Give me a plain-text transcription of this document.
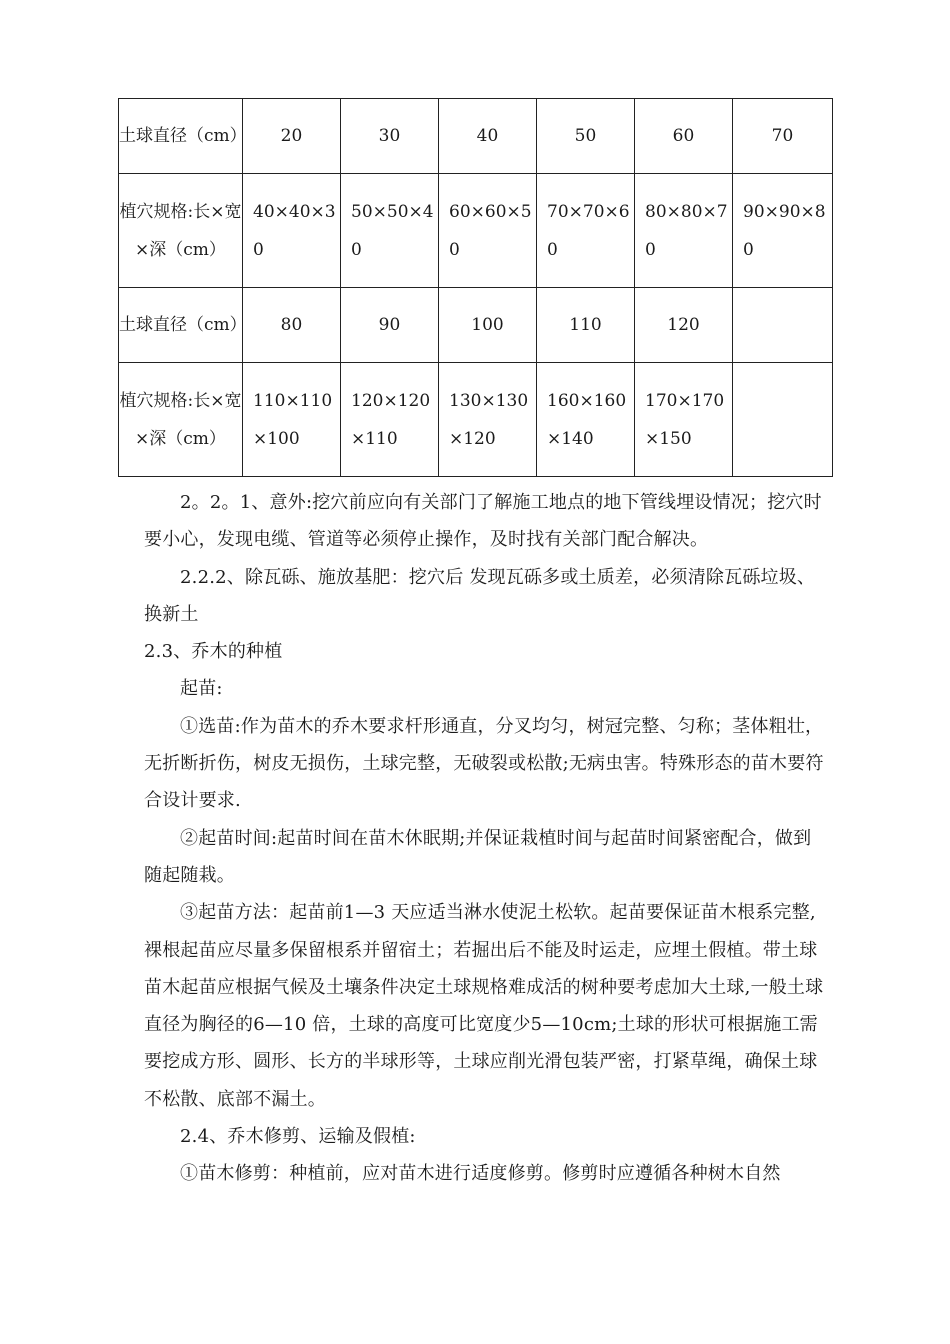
土球直径（cm）	20	30	40	50	60	70
植穴规格:长×宽×深（cm）	40×40×30	50×50×40	60×60×50	70×70×60	80×80×70	90×90×80
土球直径（cm）	80	90	100	110	120	
植穴规格:长×宽×深（cm）	110×110×100	120×120×110	130×130×120	160×160×140	170×170×150	

2。2。1、意外:挖穴前应向有关部门了解施工地点的地下管线埋设情况；挖穴时要小心，发现电缆、管道等必须停止操作，及时找有关部门配合解决。

2.2.2、除瓦砾、施放基肥：挖穴后 发现瓦砾多或土质差，必须清除瓦砾垃圾、换新土

2.3、乔木的种植

起苗:

①选苗:作为苗木的乔木要求杆形通直，分叉均匀，树冠完整、匀称；茎体粗壮，无折断折伤，树皮无损伤，土球完整，无破裂或松散;无病虫害。特殊形态的苗木要符合设计要求.

②起苗时间:起苗时间在苗木休眠期;并保证栽植时间与起苗时间紧密配合，做到随起随栽。

③起苗方法：起苗前1—3 天应适当淋水使泥土松软。起苗要保证苗木根系完整,裸根起苗应尽量多保留根系并留宿土；若掘出后不能及时运走，应埋土假植。带土球苗木起苗应根据气候及土壤条件决定土球规格难成活的树种要考虑加大土球,一般土球直径为胸径的6—10 倍，土球的高度可比宽度少5—10cm;土球的形状可根据施工需要挖成方形、圆形、长方的半球形等，土球应削光滑包装严密，打紧草绳，确保土球不松散、底部不漏土。

2.4、乔木修剪、运输及假植:

①苗木修剪：种植前，应对苗木进行适度修剪。修剪时应遵循各种树木自然
